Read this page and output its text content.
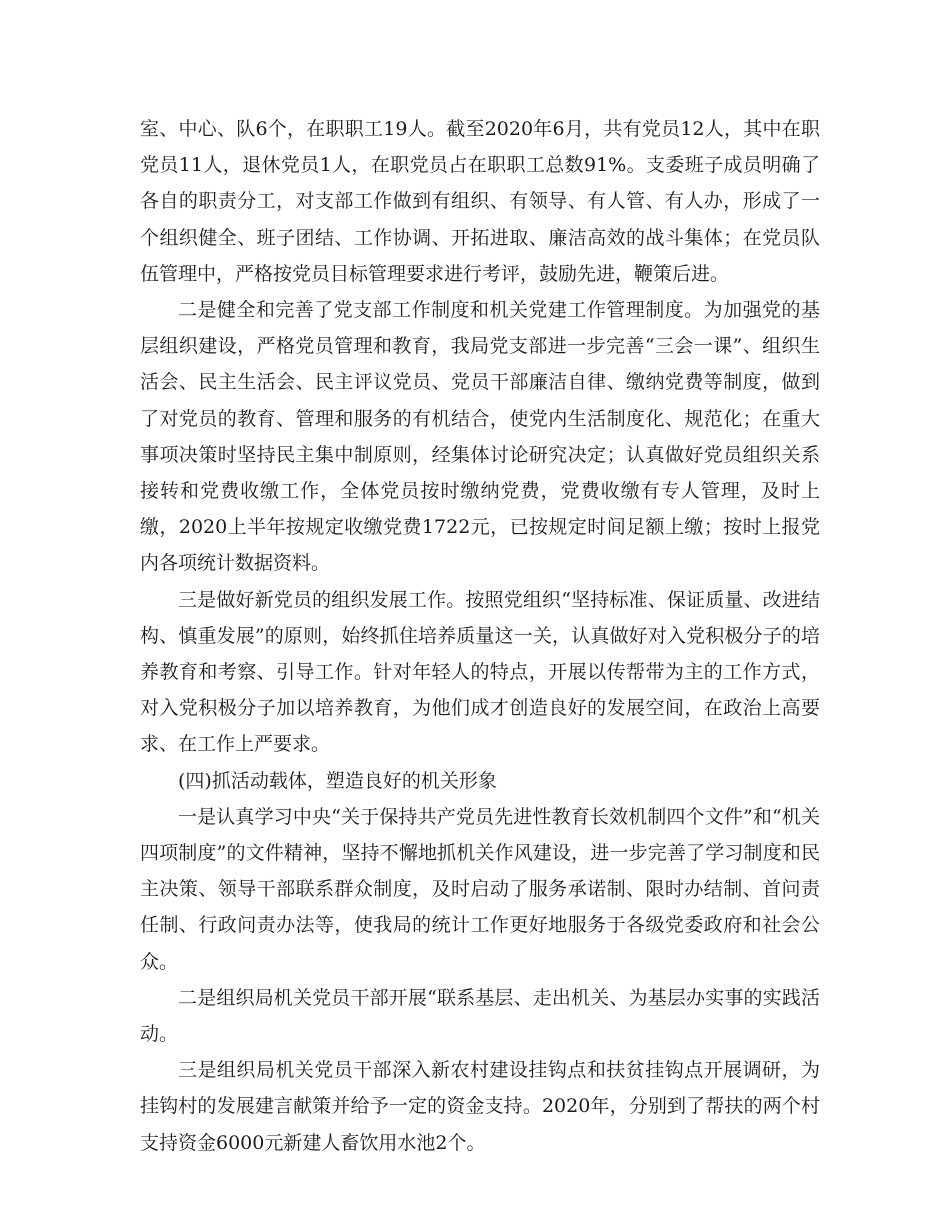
室、中心、队6个，在职职工19人。截至2020年6月，共有党员12人，其中在职党员11人，退休党员1人，在职党员占在职职工总数91%。支委班子成员明确了各自的职责分工，对支部工作做到有组织、有领导、有人管、有人办，形成了一个组织健全、班子团结、工作协调、开拓进取、廉洁高效的战斗集体；在党员队伍管理中，严格按党员目标管理要求进行考评，鼓励先进，鞭策后进。

二是健全和完善了党支部工作制度和机关党建工作管理制度。为加强党的基层组织建设，严格党员管理和教育，我局党支部进一步完善“三会一课”、组织生活会、民主生活会、民主评议党员、党员干部廉洁自律、缴纳党费等制度，做到了对党员的教育、管理和服务的有机结合，使党内生活制度化、规范化；在重大事项决策时坚持民主集中制原则，经集体讨论研究决定；认真做好党员组织关系接转和党费收缴工作，全体党员按时缴纳党费，党费收缴有专人管理，及时上缴，2020上半年按规定收缴党费1722元，已按规定时间足额上缴；按时上报党内各项统计数据资料。

三是做好新党员的组织发展工作。按照党组织“坚持标准、保证质量、改进结构、慎重发展”的原则，始终抓住培养质量这一关，认真做好对入党积极分子的培养教育和考察、引导工作。针对年轻人的特点，开展以传帮带为主的工作方式，对入党积极分子加以培养教育，为他们成才创造良好的发展空间，在政治上高要求、在工作上严要求。

(四)抓活动载体，塑造良好的机关形象

一是认真学习中央“关于保持共产党员先进性教育长效机制四个文件”和“机关四项制度”的文件精神，坚持不懈地抓机关作风建设，进一步完善了学习制度和民主决策、领导干部联系群众制度，及时启动了服务承诺制、限时办结制、首问责任制、行政问责办法等，使我局的统计工作更好地服务于各级党委政府和社会公众。

二是组织局机关党员干部开展“联系基层、走出机关、为基层办实事的实践活动。

三是组织局机关党员干部深入新农村建设挂钩点和扶贫挂钩点开展调研，为挂钩村的发展建言献策并给予一定的资金支持。2020年，分别到了帮扶的两个村支持资金6000元新建人畜饮用水池2个。
